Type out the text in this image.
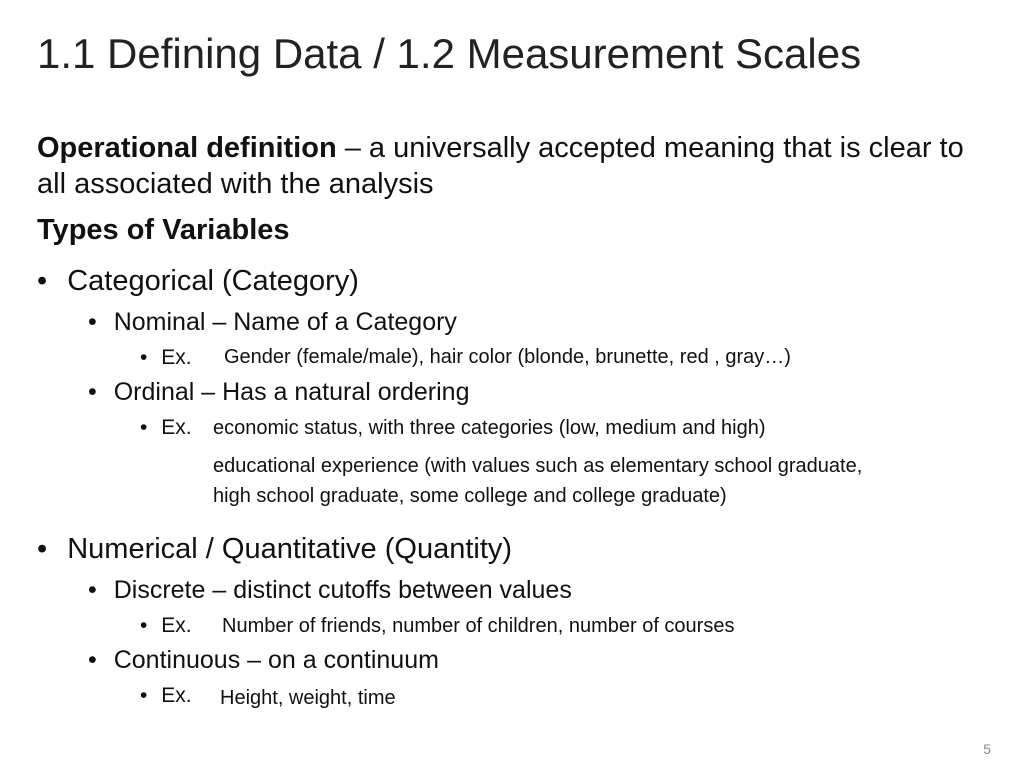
1.1 Defining Data / 1.2 Measurement Scales

Operational definition – a universally accepted meaning that is clear to all associated with the analysis

Types of Variables
• Categorical (Category)
• Nominal – Name of a Category
• Ex. Gender (female/male), hair color (blonde, brunette, red , gray…)
• Ordinal – Has a natural ordering
• Ex. economic status, with three categories (low, medium and high)
educational experience (with values such as elementary school graduate,
high school graduate, some college and college graduate)
• Numerical / Quantitative (Quantity)
• Discrete – distinct cutoffs between values
• Ex. Number of friends, number of children, number of courses
• Continuous – on a continuum
• Ex. Height, weight, time
5
